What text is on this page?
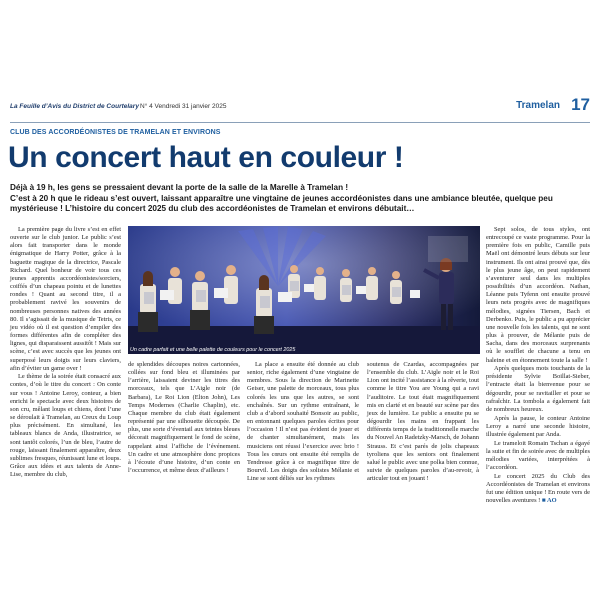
La Feuille d’Avis du District de Courtelary N° 4 Vendredi 31 janvier 2025	Tramelan 17
CLUB DES ACCORDÉONISTES DE TRAMELAN ET ENVIRONS
Un concert haut en couleur !
Déjà à 19 h, les gens se pressaient devant la porte de la salle de la Marelle à Tramelan !
C’est à 20 h que le rideau s’est ouvert, laissant apparaître une vingtaine de jeunes accordéonistes dans une ambiance bleutée, quelque peu mystérieuse ! L’histoire du concert 2025 du club des accordéonistes de Tramelan et environs débutait…
Un cadre parfait et une belle palette de couleurs pour le concert 2025

La première page du livre s’est en effet ouverte sur le club junior. Le public s’est alors fait transporter dans le monde énigmatique de Harry Potter, grâce à la baguette magique de la directrice, Pascale Richard. Quel bonheur de voir tous ces jeunes apprentis accordéonistes/sorciers, coiffés d’un chapeau pointu et de lunettes rondes ! Quant au second titre, il a probablement ravivé les souvenirs de nombreuses personnes natives des années 80. Il s’agissait de la musique de Tetris, ce jeu vidéo où il est question d’empiler des formes différentes afin de compléter des lignes, qui disparaissent aussitôt ! Mais sur scène, c’est avec succès que les jeunes ont superposé leurs doigts sur leurs claviers, afin d’éviter un game over !

Le thème de la soirée était consacré aux contes, d’où le titre du concert : On conte sur vous ! Antoine Leroy, conteur, a bien enrichi le spectacle avec deux histoires de son cru, mêlant loups et chiens, dont l’une se déroulait à Tramelan, au Creux du Loup plus précisément. En simultané, les tableaux blancs de Anda, illustratrice, se sont tantôt colorés, l’un de bleu, l’autre de rouge, laissant finalement apparaître, deux sublimes fresques, réunissant lune et loups. Grâce aux idées et aux talents de Anne-Lise, membre du club,

de splendides découpes noires cartonnées, collées sur fond bleu et illuminées par l’arrière, laissaient deviner les titres des morceaux, tels que L’Aigle noir (de Barbara), Le Roi Lion (Elton John), Les Temps Modernes (Charlie Chaplin), etc. Chaque membre du club était également représenté par une silhouette découpée. De plus, une sorte d’éventail aux teintes bleues décorait magnifiquement le fond de scène, rappelant ainsi l’affiche de l’événement. Un cadre et une atmosphère donc propices à l’écoute d’une histoire, d’un conte en l’occurrence, et même deux d’ailleurs !

La place a ensuite été donnée au club senior, riche également d’une vingtaine de membres. Sous la direction de Marinette Geiser, une palette de morceaux, tous plus colorés les uns que les autres, se sont enchaînés. Sur un rythme entraînant, le club a d’abord souhaité Bonsoir au public, en entonnant quelques paroles écrites pour l’occasion ! Il n’est pas évident de jouer et de chanter simultanément, mais les musiciens ont réussi l’exercice avec brio ! Tous les cœurs ont ensuite été remplis de Tendresse grâce à ce magnifique titre de Bourvil. Les doigts des solistes Mélanie et Line se sont déliés sur les rythmes

soutenus de Czardas, accompagnées par l’ensemble du club. L’Aigle noir et le Roi Lion ont incité l’assistance à la rêverie, tout comme le titre You are Young qui a ravi l’auditoire. Le tout était magnifiquement mis en clarté et en beauté sur scène par des jeux de lumière. Le public a ensuite pu se dégourdir les mains en frappant les différents temps de la traditionnelle marche du Nouvel An Radetzky-Marsch, de Johann Strauss. Et c’est parés de jolis chapeaux tyroliens que les seniors ont finalement salué le public avec une polka bien connue, suivie de quelques paroles d’au-revoir, à articuler tout en jouant !

Sept solos, de tous styles, ont entrecoupé ce vaste programme. Pour la première fois en public, Camille puis Maël ont démontré leurs débuts sur leur instrument. Ils ont ainsi prouvé que, dès le plus jeune âge, on peut rapidement s’aventurer seul dans les multiples possibilités d’un accordéon. Nathan, Léanne puis Tyfenn ont ensuite prouvé leurs nets progrès avec de magnifiques mélodies, signées Tiersen, Bach et Derbenko. Puis, le public a pu apprécier une nouvelle fois les talents, qui ne sont plus à prouver, de Mélanie puis de Sacha, dans des morceaux surprenants où le soufflet de chacune a tenu en haleine et en étonnement toute la salle !

Après quelques mots touchants de la présidente Sylvie Boillat-Sieber, l’entracte était la bienvenue pour se dégourdir, pour se ravitailler et pour se rafraîchir. La tombola a également fait de nombreux heureux.

Après la pause, le conteur Antoine Leroy a narré une seconde histoire, illustrée également par Anda.

Le trameloit Romain Tschan a égayé la suite et fin de soirée avec de multiples mélodies variées, interprétées à l’accordéon.

Le concert 2025 du Club des Accordéonistes de Tramelan et environs fut une édition unique ! En route vers de nouvelles aventures ! ■ AO
